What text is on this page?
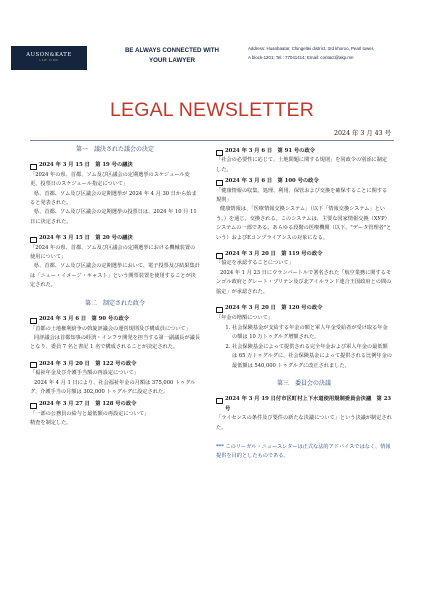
AUSON&KATE
LAW FIRM
BE ALWAYS CONNECTED WITH
YOUR LAWYER
Address: Huanbaatar, Chingeltei district, 3rd khoroo, Pearl tower,
A block-1201; Tel.: 77041414; Email: contact@akp.mn
LEGAL NEWSLETTER
2024 年 3 月 43 号
第一　議決された議会の決定
2024 年 3 月 15 日　第 19 号の議決
「2024 年の県、首都、ソム及び区議会の定期選挙のスケジュール変更、投票日のスケジュール指定について」
県、首都、ソム及び区議会の定期選挙が 2024 年 4 月 30 日から始まると発表された。
県、首都、ソム及び区議会の定期選挙の投票日は、2024 年 10 月 11 日に決定された。
2024 年 3 月 15 日　第 20 号の議決
「2024 年の県、首都、ソム及び区議会の定期選挙における機械装置の使用について」
県、首都、ソム及び区議会の定期選挙において、電子投票及び結果集計は「ニュー・イメージ・キャスト」という開票装置を使用することが決定された。
第二　制定された政令
2024 年 3 月 6 日　第 90 号の政令
「首都の土地権利紛争の斡旋評議会の運営規則及び構成員について」
同評議会は首都知事の経済・インフラ開発を担当する第一副議長が議長となり、委員 7 名と書記 1 名で構成されることが決定された。
2024 年 3 月 20 日　第 122 号の政令
「福祉年金及び介護手当額の再設定について」
2024 年 4 月 1 日により、社会福祉年金の月額は 375,000 トゥグルグ、介護手当の月額は 302,000 トゥグルグに設定された。
2024 年 3 月 27 日　第 128 号の政令
「一部の公務員の給与と最低額の再設定について」
精査を制定した。
2024 年 3 月 6 日　第 91 号の政令
「社会の必要性に応じて、土地問題に関する規則」を同政令の別添に制定した。
2024 年 3 月 6 日　第 100 号の政令
「健康情報の収集、処理、利用、保管および交換を確保することに関する規則」
健康情報は、「医療情報交換システム」（以下「情報交換システム」という。）を通じ、交換される。このシステムは、主要な国家情報交換（ХУР）システムの一部である。あらゆる段階の医療機関（以下、"データ管理者"という）およびEコンプライアンスの対象になる。
2024 年 3 月 20 日　第 119 号の政令
「協定を承認することについて」
2024 年 1 月 23 日にウランバートルで署名された「航空業務に関するモンゴル政府とグレート・ブリテン及び北アイルランド連合王国政府との間の協定」が承認された。
2024 年 3 月 20 日　第 120 号の政令
「年金の増額について」
1. 社会保険基金が支給する年金の額と軍人年金受給者が受け取る年金の額は 10 万トゥグルグ増額された。
2. 社会保険基金によって提供される完全年金および軍人年金の最低額は 65 万トゥグルグに、社会保険基金によって提供される比例年金の最低額は 540,000 トゥグルグに改正されました。
第三　委員会の決議
2024 年 3 月 19 日付市区町村上下水道使用規制委員会決議　第 23 号
「ライセンスの条件及び要件の新たな決議について」という決議が制定された。
*** このリーガル・ニュースレターは正式な法的アドバイスではなく、情報提供を目的としたものである。
